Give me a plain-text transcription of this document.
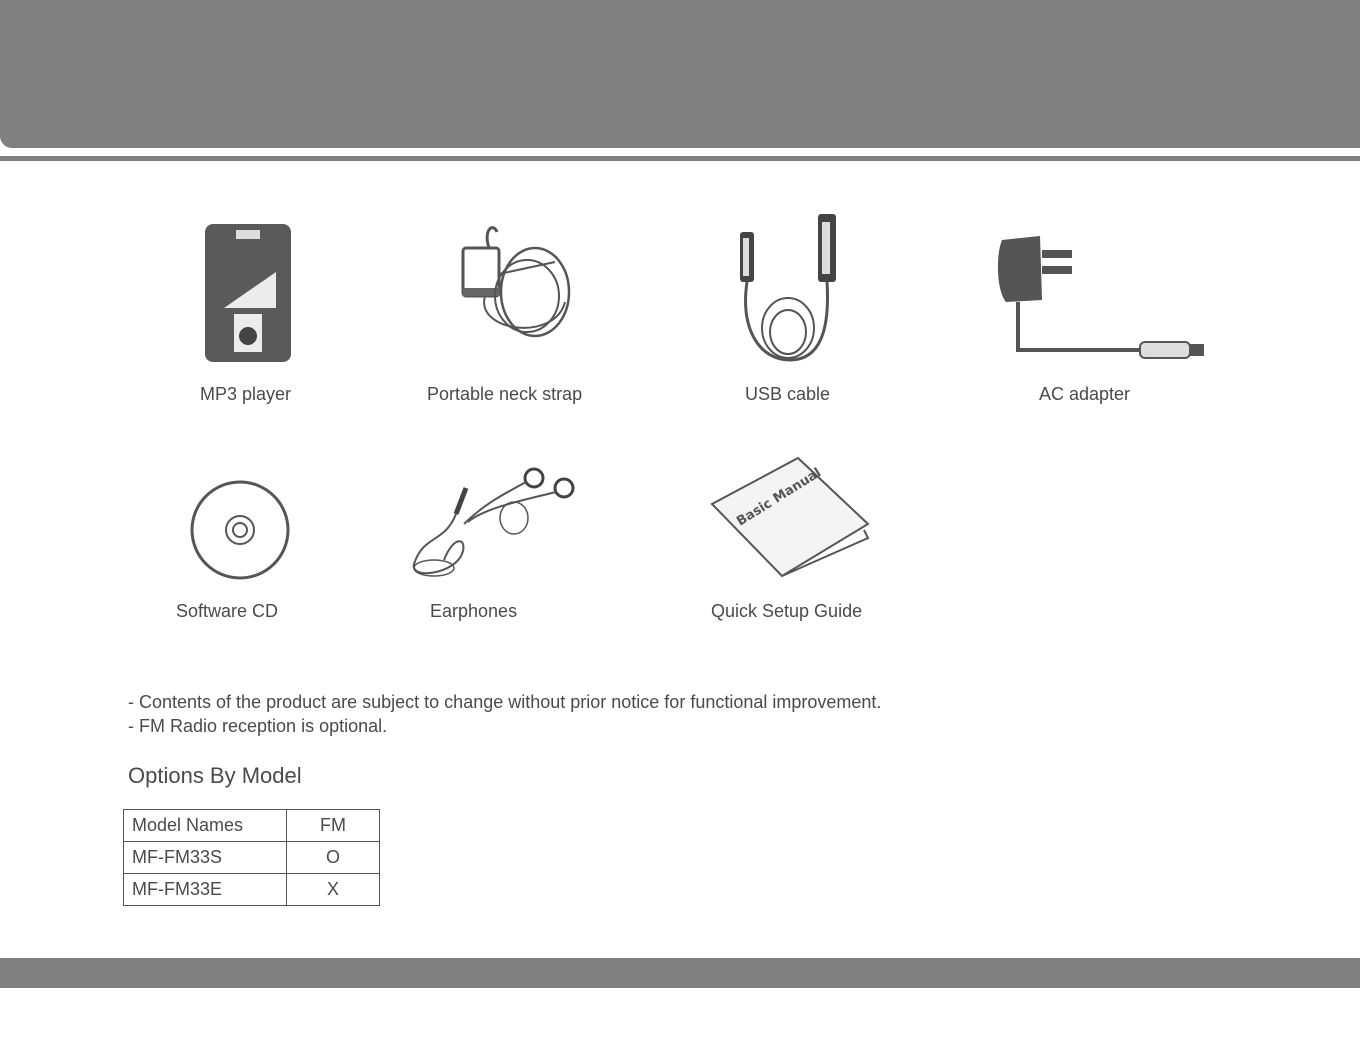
MP3 player	Portable neck strap	USB cable	AC adapter
Software CD	Earphones
Basic Manual
Quick Setup Guide
- Contents of the product are subject to change without prior notice for functional improvement.
- FM Radio reception is optional.
Options By Model
Model Names	FM
MF-FM33S	O
MF-FM33E	X
